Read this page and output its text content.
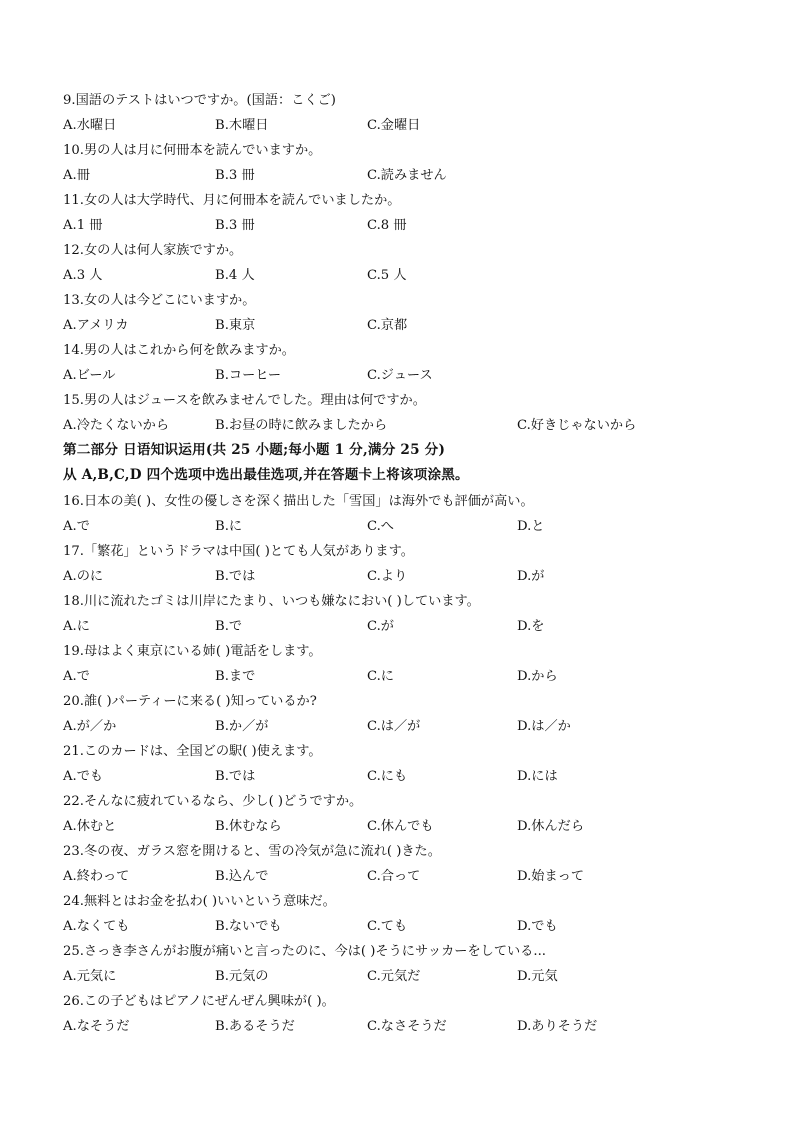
9.国語のテストはいつですか。(国語：こくご)
A.水曜日	B.木曜日	C.金曜日
10.男の人は月に何冊本を読んでいますか。
A.冊	B.3 冊	C.読みません
11.女の人は大学時代、月に何冊本を読んでいましたか。
A.1 冊	B.3 冊	C.8 冊
12.女の人は何人家族ですか。
A.3 人	B.4 人	C.5 人
13.女の人は今どこにいますか。
A.アメリカ	B.東京	C.京都
14.男の人はこれから何を飲みますか。
A.ビール	B.コーヒー	C.ジュース
15.男の人はジュースを飲みませんでした。理由は何ですか。
A.冷たくないから	B.お昼の時に飲みましたから	C.好きじゃないから
第二部分 日语知识运用(共 25 小题;每小题 1 分,满分 25 分)
从 A,B,C,D 四个选项中选出最佳选项,并在答题卡上将该项涂黑。
16.日本の美( )、女性の優しさを深く描出した「雪国」は海外でも評価が高い。
A.で	B.に	C.へ	D.と
17.「繁花」というドラマは中国( )とても人気があります。
A.のに	B.では	C.より	D.が
18.川に流れたゴミは川岸にたまり、いつも嫌なにおい( )しています。
A.に	B.で	C.が	D.を
19.母はよく東京にいる姉( )電話をします。
A.で	B.まで	C.に	D.から
20.誰( )パーティーに来る( )知っているか?
A.が／か	B.か／が	C.は／が	D.は／か
21.このカードは、全国どの駅( )使えます。
A.でも	B.では	C.にも	D.には
22.そんなに疲れているなら、少し( )どうですか。
A.休むと	B.休むなら	C.休んでも	D.休んだら
23.冬の夜、ガラス窓を開けると、雪の冷気が急に流れ( )きた。
A.終わって	B.込んで	C.合って	D.始まって
24.無料とはお金を払わ( )いいという意味だ。
A.なくても	B.ないでも	C.ても	D.でも
25.さっき李さんがお腹が痛いと言ったのに、今は( )そうにサッカーをしている...
A.元気に	B.元気の	C.元気だ	D.元気
26.この子どもはピアノにぜんぜん興味が( )。
A.なそうだ	B.あるそうだ	C.なさそうだ	D.ありそうだ
